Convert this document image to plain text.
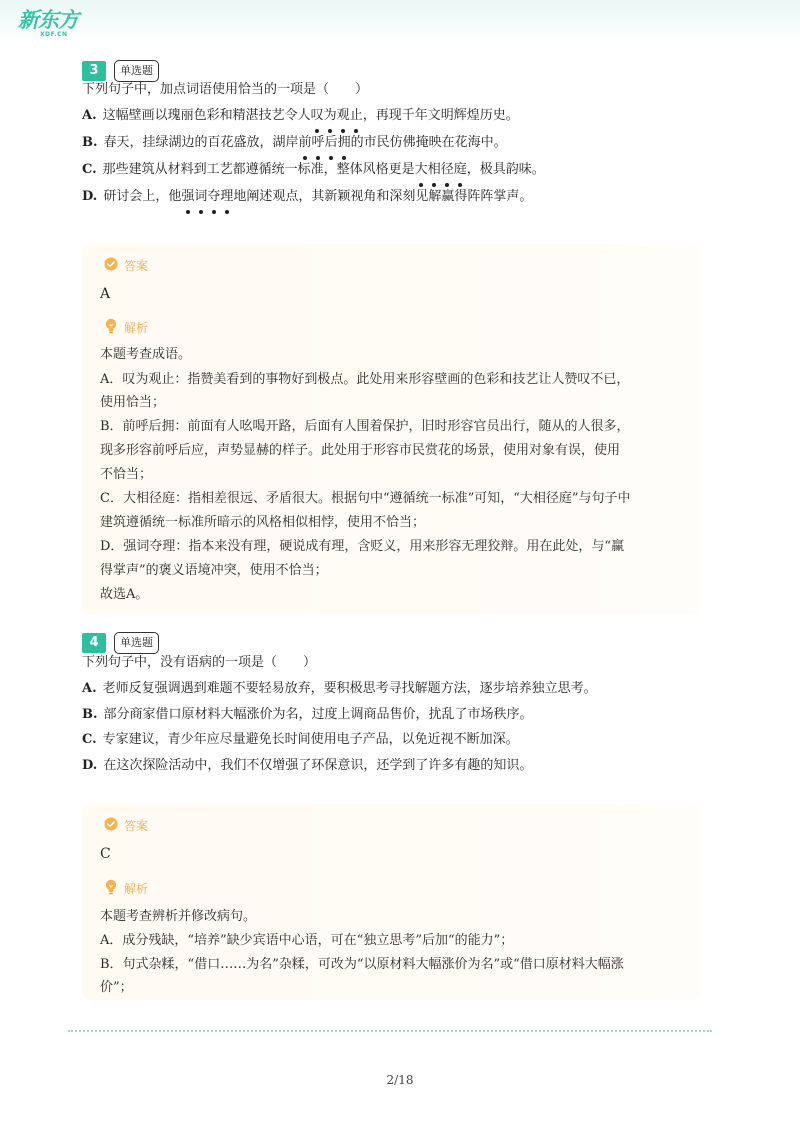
新东方
XDF.CN
3	单选题
下列句子中，加点词语使用恰当的一项是（　　）
A. 这幅壁画以瑰丽色彩和精湛技艺令人叹为观止，再现千年文明辉煌历史。
B. 春天，挂绿湖边的百花盛放，湖岸前呼后拥的市民仿佛掩映在花海中。
C. 那些建筑从材料到工艺都遵循统一标准，整体风格更是大相径庭，极具韵味。
D. 研讨会上，他强词夺理地阐述观点，其新颖视角和深刻见解赢得阵阵掌声。
答案
A
解析
本题考查成语。
A．叹为观止：指赞美看到的事物好到极点。此处用来形容壁画的色彩和技艺让人赞叹不已，
使用恰当；
B．前呼后拥：前面有人吆喝开路，后面有人围着保护，旧时形容官员出行，随从的人很多，
现多形容前呼后应，声势显赫的样子。此处用于形容市民赏花的场景，使用对象有误，使用
不恰当；
C．大相径庭：指相差很远、矛盾很大。根据句中“遵循统一标准”可知，“大相径庭”与句子中
建筑遵循统一标准所暗示的风格相似相悖，使用不恰当；
D．强词夺理：指本来没有理，硬说成有理，含贬义，用来形容无理狡辩。用在此处，与“赢
得掌声”的褒义语境冲突，使用不恰当；
故选A。
4	单选题
下列句子中，没有语病的一项是（　　）
A. 老师反复强调遇到难题不要轻易放弃，要积极思考寻找解题方法，逐步培养独立思考。
B. 部分商家借口原材料大幅涨价为名，过度上调商品售价，扰乱了市场秩序。
C. 专家建议，青少年应尽量避免长时间使用电子产品，以免近视不断加深。
D. 在这次探险活动中，我们不仅增强了环保意识，还学到了许多有趣的知识。
答案
C
解析
本题考查辨析并修改病句。
A．成分残缺，“培养”缺少宾语中心语，可在“独立思考”后加“的能力”；
B．句式杂糅，“借口……为名”杂糅，可改为“以原材料大幅涨价为名”或“借口原材料大幅涨
价”；
2/18
